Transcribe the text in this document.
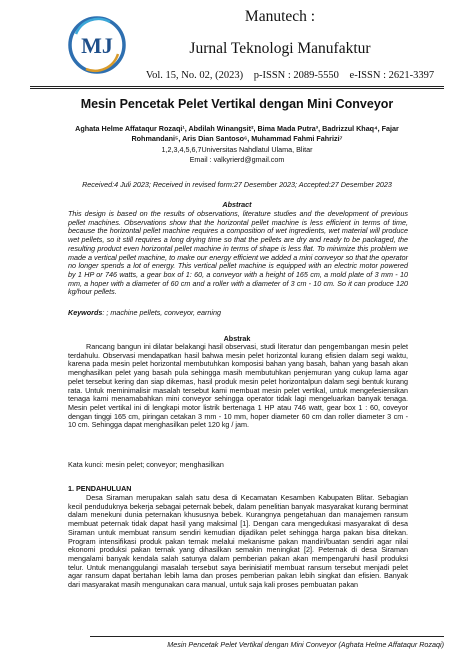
MJ
Manutech :
Jurnal Teknologi Manufaktur
Vol. 15, No. 02, (2023) p-ISSN : 2089-5550 e-ISSN : 2621-3397
Mesin Pencetak Pelet Vertikal dengan Mini Conveyor
Aghata Helme Affataqur Rozaqi¹, Abdilah Winangsit², Bima Mada Putra³, Badrizzul Khaq⁴, Fajar
Rohmandani⁵, Aris Dian Santoso⁶, Muhammad Fahmi Fahrizi⁷
1,2,3,4,5,6,7Universitas Nahdlatul Ulama, Blitar
Email : valkyrierd@gmail.com
Received:4 Juli 2023; Received in revised form:27 Desember 2023; Accepted:27 Desember 2023
Abstract
This design is based on the results of observations, literature studies and the development of previous pellet machines. Observations show that the horizontal pellet machine is less efficient in terms of time, because the horizontal pellet machine requires a composition of wet ingredients, wet material will produce wet pellets, so it still requires a long drying time so that the pellets are dry and ready to be packaged, the resulting product even horizontal pellet machine in terms of shape is less flat. To minimize this problem we made a vertical pellet machine, to make our energy efficient we added a mini conveyor so that the operator no longer spends a lot of energy. This vertical pellet machine is equipped with an electric motor powered by 1 HP or 746 watts, a gear box of 1: 60, a conveyor with a height of 165 cm, a mold plate of 3 mm - 10 mm, a hoper with a diameter of 60 cm and a roller with a diameter of 3 cm - 10 cm. So it can produce 120 kg/hour pellets.
Keywords: ; machine pellets, conveyor, earning
Abstrak
Rancang bangun ini dilatar belakangi hasil observasi, studi literatur dan pengembangan mesin pelet terdahulu. Observasi mendapatkan hasil bahwa mesin pelet horizontal kurang efisien dalam segi waktu, karena pada mesin pelet horizontal membutuhkan komposisi bahan yang basah, bahan yang basah akan menghasilkan pelet yang basah pula sehingga masih membutuhkan penjemuran yang cukup lama agar pelet tersebut kering dan siap dikemas, hasil produk mesin pelet horizontalpun dalam segi bentuk kurang rata. Untuk meminimalisir masalah tersebut kami membuat mesin pelet vertikal, untuk mengefesiensikan tenaga kami menamabahkan mini conveyor sehingga operator tidak lagi mengeluarkan banyak tenaga. Mesin pelet vertikal ini di lengkapi motor listrik bertenaga 1 HP atau 746 watt, gear box 1 : 60, coveyor dengan tinggi 165 cm, piringan cetakan 3 mm - 10 mm, hoper diameter 60 cm dan roller diameter 3 cm - 10 cm. Sehingga dapat menghasilkan pelet 120 kg / jam.
Kata kunci: mesin pelet; conveyor; menghasilkan
1. PENDAHULUAN
Desa Siraman merupakan salah satu desa di Kecamatan Kesamben Kabupaten Blitar. Sebagian kecil penduduknya bekerja sebagai peternak bebek, dalam penelitian banyak masyarakat kurang berminat dalam menekuni dunia peternakan khususnya bebek. Kurangnya pengetahuan dan manajemen ransum membuat peternak tidak dapat hasil yang maksimal [1]. Dengan cara mengedukasi masyarakat di desa Siraman untuk membuat ransum sendiri kemudian dijadikan pelet sehingga harga pakan bisa ditekan. Program intensifikasi produk pakan ternak melalui mekanisme pakan mandiri/buatan sendiri agar nilai ekonomi produksi pakan ternak yang dihasilkan semakin meningkat [2]. Peternak di desa Siraman mengalami banyak kendala salah satunya dalam pemberian pakan akan mempengaruhi hasil produksi telur. Untuk menanggulangi masalah tersebut saya berinisiatif membuat ransum tersebut menjadi pelet agar ransum dapat bertahan lebih lama dan proses pemberian pakan lebih singkat dan efisien. Banyak dari masyarakat masih mengunakan cara manual, untuk saja kali proses pembuatan pakan
Mesin Pencetak Pelet Vertikal dengan Mini Conveyor (Aghata Helme Affataqur Rozaqi)
